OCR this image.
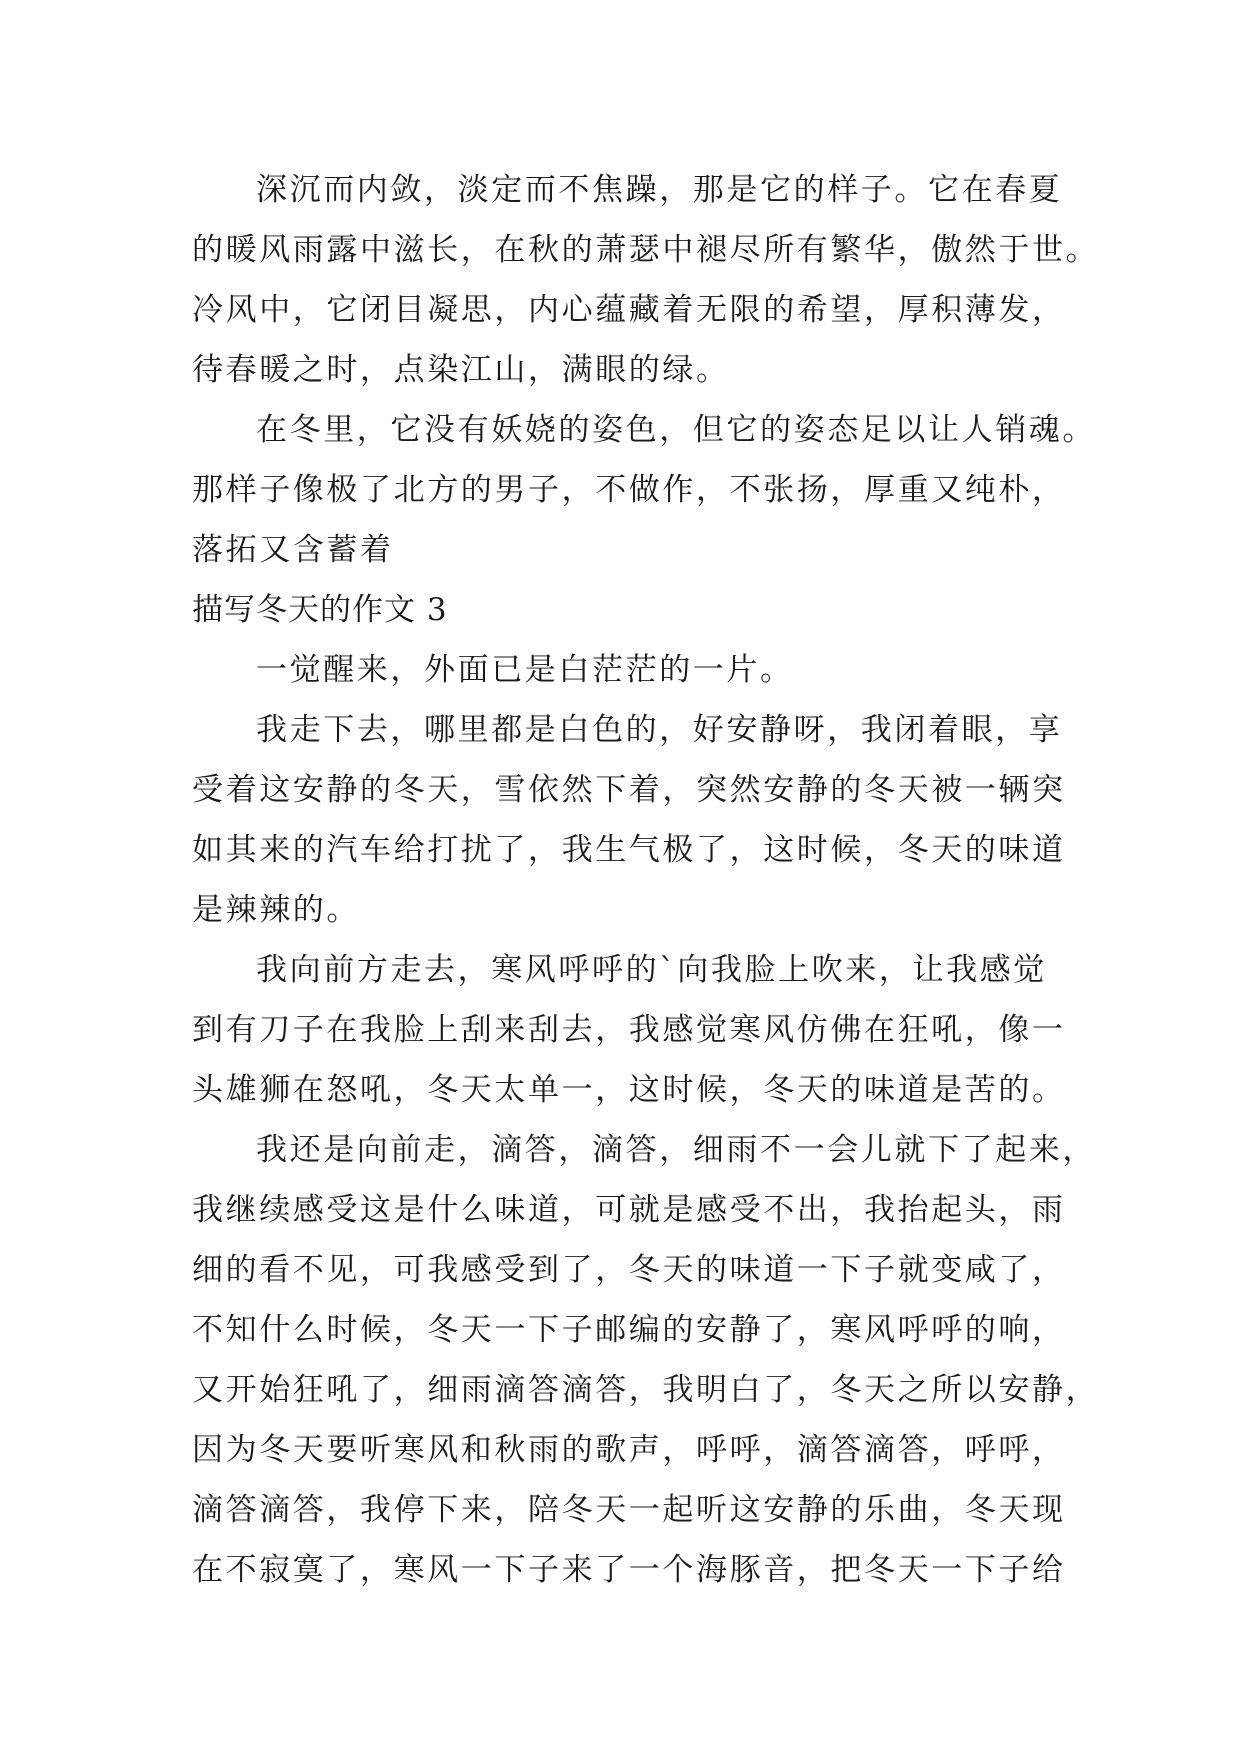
深沉而内敛，淡定而不焦躁，那是它的样子。它在春夏
的暖风雨露中滋长，在秋的萧瑟中褪尽所有繁华，傲然于世。
冷风中，它闭目凝思，内心蕴藏着无限的希望，厚积薄发，
待春暖之时，点染江山，满眼的绿。
在冬里，它没有妖娆的姿色，但它的姿态足以让人销魂。
那样子像极了北方的男子，不做作，不张扬，厚重又纯朴，
落拓又含蓄着
描写冬天的作文 3
一觉醒来，外面已是白茫茫的一片。
我走下去，哪里都是白色的，好安静呀，我闭着眼，享
受着这安静的冬天，雪依然下着，突然安静的冬天被一辆突
如其来的汽车给打扰了，我生气极了，这时候，冬天的味道
是辣辣的。
我向前方走去，寒风呼呼的`向我脸上吹来，让我感觉
到有刀子在我脸上刮来刮去，我感觉寒风仿佛在狂吼，像一
头雄狮在怒吼，冬天太单一，这时候，冬天的味道是苦的。
我还是向前走，滴答，滴答，细雨不一会儿就下了起来，
我继续感受这是什么味道，可就是感受不出，我抬起头，雨
细的看不见，可我感受到了，冬天的味道一下子就变咸了，
不知什么时候，冬天一下子邮编的安静了，寒风呼呼的响，
又开始狂吼了，细雨滴答滴答，我明白了，冬天之所以安静，
因为冬天要听寒风和秋雨的歌声，呼呼，滴答滴答，呼呼，
滴答滴答，我停下来，陪冬天一起听这安静的乐曲，冬天现
在不寂寞了，寒风一下子来了一个海豚音，把冬天一下子给
